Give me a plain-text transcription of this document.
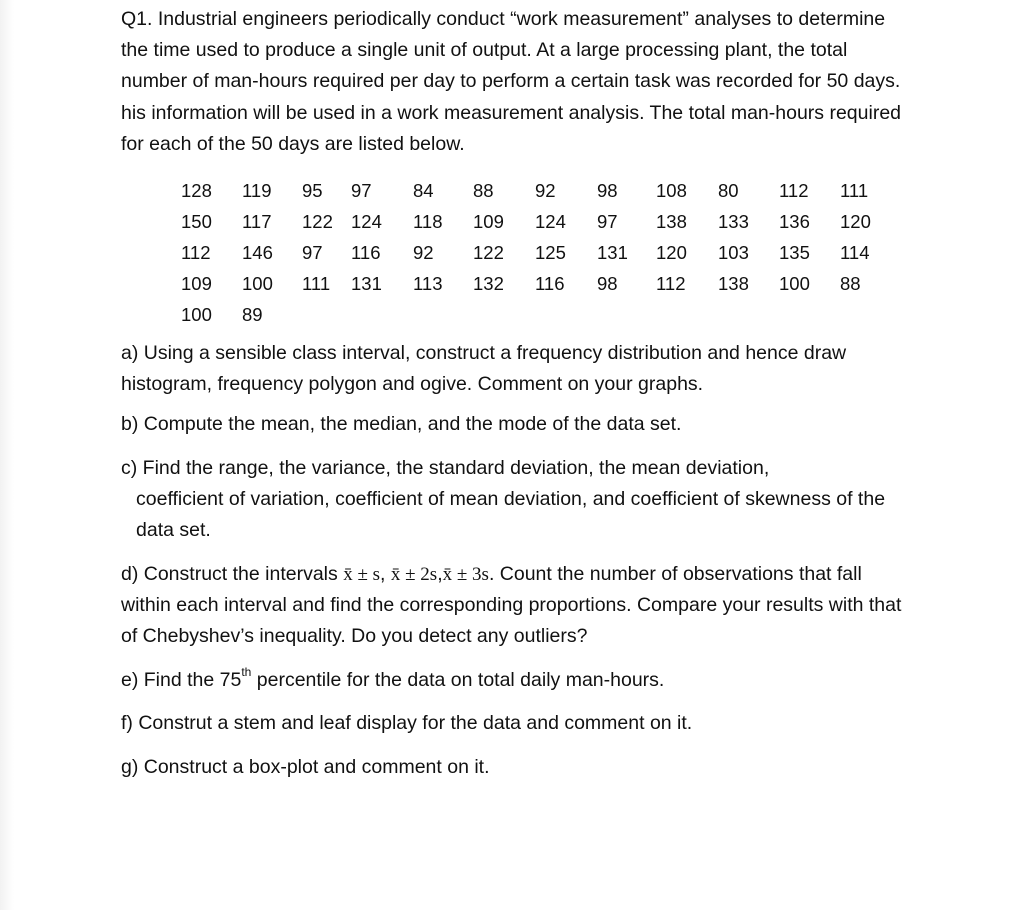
Q1. Industrial engineers periodically conduct “work measurement” analyses to determine the time used to produce a single unit of output. At a large processing plant, the total number of man-hours required per day to perform a certain task was recorded for 50 days. his information will be used in a work measurement analysis. The total man-hours required for each of the 50 days are listed below.

128	119	95	97	84	88	92	98	108	80	112	111
150	117	122	124	118	109	124	97	138	133	136	120
112	146	97	116	92	122	125	131	120	103	135	114
109	100	111	131	113	132	116	98	112	138	100	88
100	89										

a) Using a sensible class interval, construct a frequency distribution and hence draw histogram, frequency polygon and ogive. Comment on your graphs.

b) Compute the mean, the median, and the mode of the data set.

c) Find the range, the variance, the standard deviation, the mean deviation,
coefficient of variation, coefficient of mean deviation, and coefficient of skewness of the data set.

d) Construct the intervals x̄ ± s, x̄ ± 2s,x̄ ± 3s. Count the number of observations that fall within each interval and find the corresponding proportions. Compare your results with that of Chebyshev’s inequality. Do you detect any outliers?

e) Find the 75th percentile for the data on total daily man-hours.

f) Construt a stem and leaf display for the data and comment on it.

g) Construct a box-plot and comment on it.
